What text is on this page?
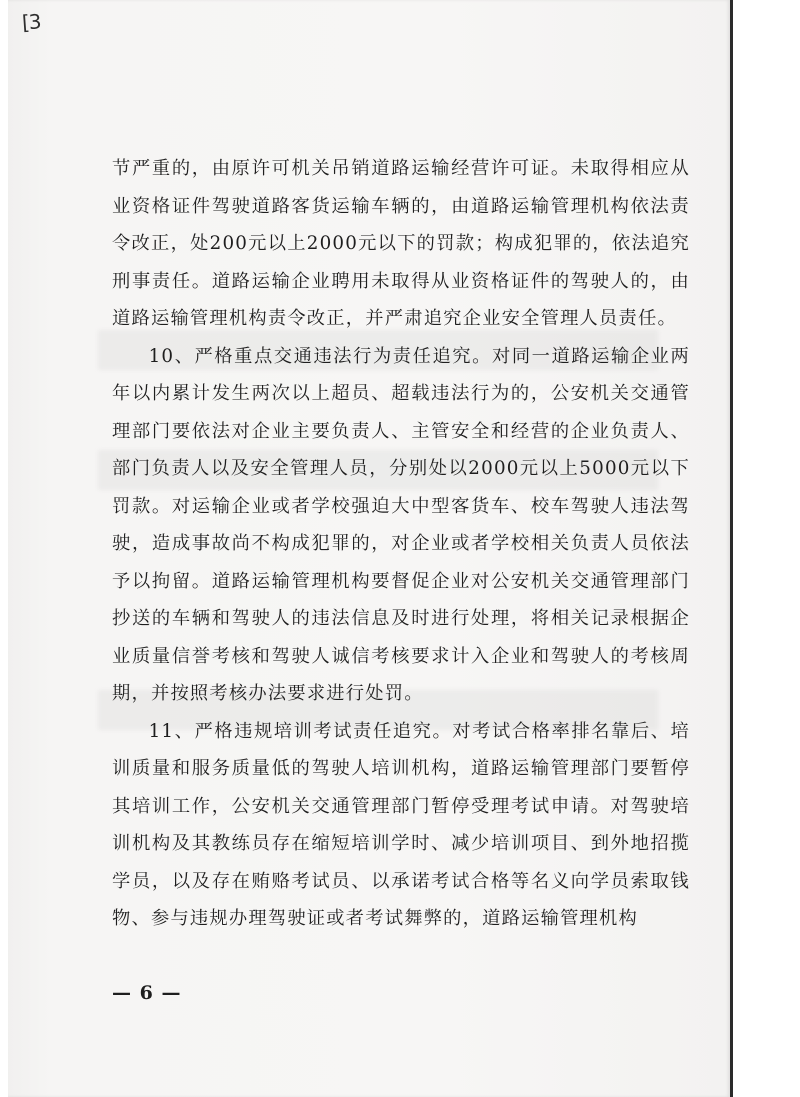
[3

节严重的，由原许可机关吊销道路运输经营许可证。未取得相应从业资格证件驾驶道路客货运输车辆的，由道路运输管理机构依法责令改正，处200元以上2000元以下的罚款；构成犯罪的，依法追究刑事责任。道路运输企业聘用未取得从业资格证件的驾驶人的，由道路运输管理机构责令改正，并严肃追究企业安全管理人员责任。

10、严格重点交通违法行为责任追究。对同一道路运输企业两年以内累计发生两次以上超员、超载违法行为的，公安机关交通管理部门要依法对企业主要负责人、主管安全和经营的企业负责人、部门负责人以及安全管理人员，分别处以2000元以上5000元以下罚款。对运输企业或者学校强迫大中型客货车、校车驾驶人违法驾驶，造成事故尚不构成犯罪的，对企业或者学校相关负责人员依法予以拘留。道路运输管理机构要督促企业对公安机关交通管理部门抄送的车辆和驾驶人的违法信息及时进行处理，将相关记录根据企业质量信誉考核和驾驶人诚信考核要求计入企业和驾驶人的考核周期，并按照考核办法要求进行处罚。

11、严格违规培训考试责任追究。对考试合格率排名靠后、培训质量和服务质量低的驾驶人培训机构，道路运输管理部门要暂停其培训工作，公安机关交通管理部门暂停受理考试申请。对驾驶培训机构及其教练员存在缩短培训学时、减少培训项目、到外地招揽学员，以及存在贿赂考试员、以承诺考试合格等名义向学员索取钱物、参与违规办理驾驶证或者考试舞弊的，道路运输管理机构

— 6 —
